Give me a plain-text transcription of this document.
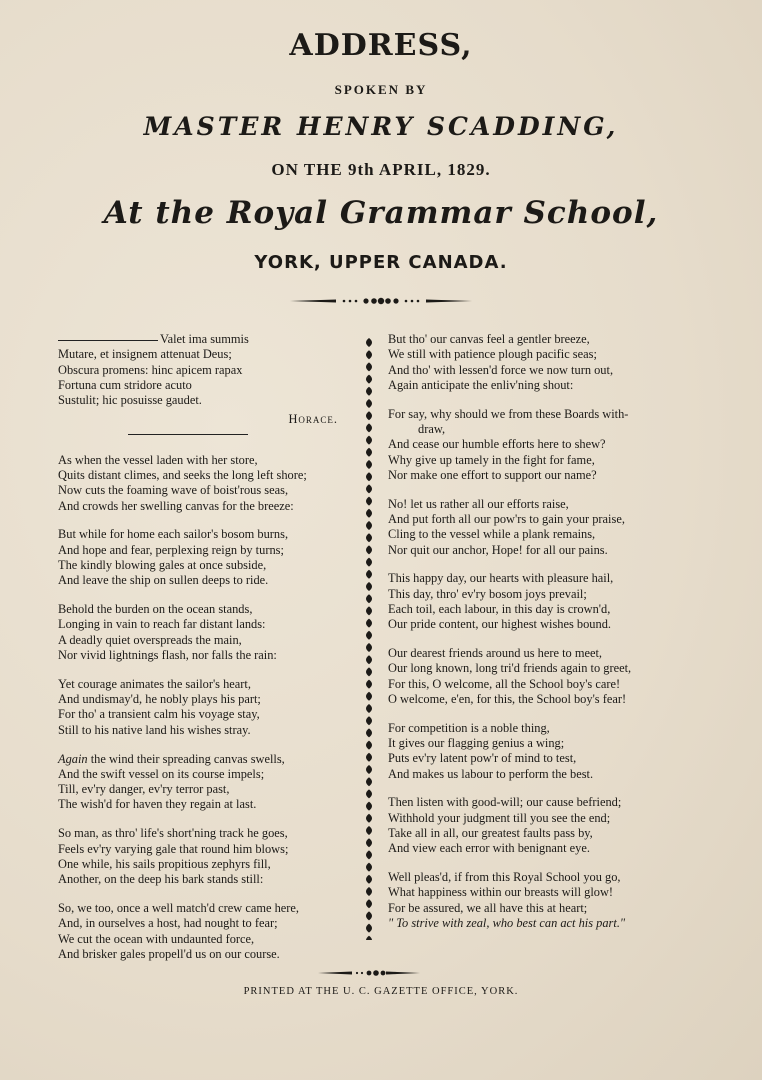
ADDRESS,
SPOKEN BY
MASTER HENRY SCADDING,
ON THE 9th APRIL, 1829.
At the Royal Grammar School,
YORK, UPPER CANADA.

Valet ima summis

Mutare, et insignem attenuat Deus;

Obscura promens: hinc apicem rapax

Fortuna cum stridore acuto

Sustulit; hic posuisse gaudet.

Horace.

As when the vessel laden with her store,

Quits distant climes, and seeks the long left shore;

Now cuts the foaming wave of boist'rous seas,

And crowds her swelling canvas for the breeze:

But while for home each sailor's bosom burns,

And hope and fear, perplexing reign by turns;

The kindly blowing gales at once subside,

And leave the ship on sullen deeps to ride.

Behold the burden on the ocean stands,

Longing in vain to reach far distant lands:

A deadly quiet overspreads the main,

Nor vivid lightnings flash, nor falls the rain:

Yet courage animates the sailor's heart,

And undismay'd, he nobly plays his part;

For tho' a transient calm his voyage stay,

Still to his native land his wishes stray.

Again the wind their spreading canvas swells,

And the swift vessel on its course impels;

Till, ev'ry danger, ev'ry terror past,

The wish'd for haven they regain at last.

So man, as thro' life's short'ning track he goes,

Feels ev'ry varying gale that round him blows;

One while, his sails propitious zephyrs fill,

Another, on the deep his bark stands still:

So, we too, once a well match'd crew came here,

And, in ourselves a host, had nought to fear;

We cut the ocean with undaunted force,

And brisker gales propell'd us on our course.

But tho' our canvas feel a gentler breeze,

We still with patience plough pacific seas;

And tho' with lessen'd force we now turn out,

Again anticipate the enliv'ning shout:

For say, why should we from these Boards with-

draw,

And cease our humble efforts here to shew?

Why give up tamely in the fight for fame,

Nor make one effort to support our name?

No! let us rather all our efforts raise,

And put forth all our pow'rs to gain your praise,

Cling to the vessel while a plank remains,

Nor quit our anchor, Hope! for all our pains.

This happy day, our hearts with pleasure hail,

This day, thro' ev'ry bosom joys prevail;

Each toil, each labour, in this day is crown'd,

Our pride content, our highest wishes bound.

Our dearest friends around us here to meet,

Our long known, long tri'd friends again to greet,

For this, O welcome, all the School boy's care!

O welcome, e'en, for this, the School boy's fear!

For competition is a noble thing,

It gives our flagging genius a wing;

Puts ev'ry latent pow'r of mind to test,

And makes us labour to perform the best.

Then listen with good-will; our cause befriend;

Withhold your judgment till you see the end;

Take all in all, our greatest faults pass by,

And view each error with benignant eye.

Well pleas'd, if from this Royal School you go,

What happiness within our breasts will glow!

For be assured, we all have this at heart;

" To strive with zeal, who best can act his part."

PRINTED AT THE U. C. GAZETTE OFFICE, YORK.
